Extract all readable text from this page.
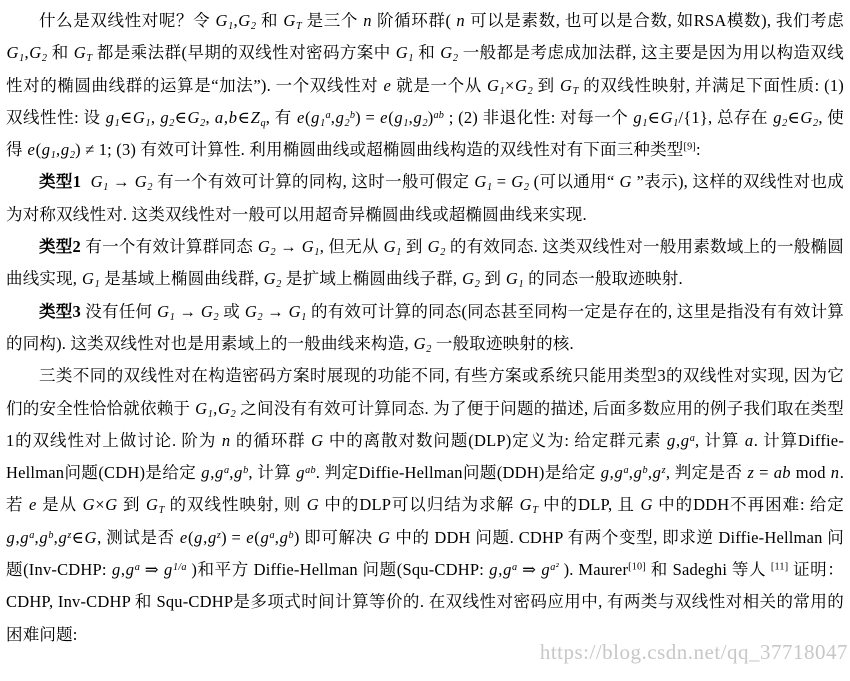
https://blog.csdn.net/qq_37718047

什么是双线性对呢？令 $G_1,G_2$ 和 $G_T$ 是三个 n 阶循环群( n 可以是素数, 也可以是合数, 如RSA模数), 我们考虑 $G_1,G_2$ 和 $G_T$ 都是乘法群(早期的双线性对密码方案中 $G_1$ 和 $G_2$ 一般都是考虑成加法群, 这主要是因为用以构造双线性对的椭圆曲线群的运算是“加法”). 一个双线性对 e 就是一个从 $G_1\times G_2$ 到 $G_T$ 的双线性映射, 并满足下面性质: (1) 双线性性: 设 $g_1\in G_1$, $g_2\in G_2$, $a,b\in Z_q$, 有 $e(g_1^a,g_2^b) = e(g_1,g_2)^{ab}$ ; (2) 非退化性: 对每一个 $g_1\in G_1/\{1\}$, 总存在 $g_2\in G_2$, 使得 $e(g_1,g_2) \ne 1$; (3) 有效可计算性. 利用椭圆曲线或超椭圆曲线构造的双线性对有下面三种类型[9]:

类型1 $G_1 \to G_2$ 有一个有效可计算的同构, 这时一般可假定 $G_1 = G_2$ (可以通用“ G ”表示), 这样的双线性对也成为对称双线性对. 这类双线性对一般可以用超奇异椭圆曲线或超椭圆曲线来实现.

类型2 有一个有效计算群同态 $G_2 \to G_1$, 但无从 $G_1$ 到 $G_2$ 的有效同态. 这类双线性对一般用素数域上的一般椭圆曲线实现, $G_1$ 是基域上椭圆曲线群, $G_2$ 是扩域上椭圆曲线子群, $G_2$ 到 $G_1$ 的同态一般取迹映射.

类型3 没有任何 $G_1 \to G_2$ 或 $G_2 \to G_1$ 的有效可计算的同态(同态甚至同构一定是存在的, 这里是指没有有效计算的同构). 这类双线性对也是用素域上的一般曲线来构造, $G_2$ 一般取迹映射的核.

三类不同的双线性对在构造密码方案时展现的功能不同, 有些方案或系统只能用类型3的双线性对实现, 因为它们的安全性恰恰就依赖于 $G_1,G_2$ 之间没有有效可计算同态. 为了便于问题的描述, 后面多数应用的例子我们取在类型1的双线性对上做讨论. 阶为 n 的循环群 G 中的离散对数问题(DLP)定义为: 给定群元素 $g,g^a$, 计算 a. 计算Diffie-Hellman问题(CDH)是给定 $g,g^a,g^b$, 计算 $g^{ab}$. 判定Diffie-Hellman问题(DDH)是给定 $g,g^a,g^b,g^z$, 判定是否 z = ab mod n. 若 e 是从 G×G 到 $G_T$ 的双线性映射, 则 G 中的DLP可以归结为求解 $G_T$ 中的DLP, 且 G 中的DDH不再困难: 给定 $g,g^a,g^b,g^z\in G$, 测试是否 $e(g,g^z) = e(g^a,g^b)$ 即可解决 G 中的 DDH 问题. CDHP 有两个变型, 即求逆 Diffie-Hellman 问题(Inv-CDHP: $g,g^a$ ⇒ $g^{1/a}$ )和平方 Diffie-Hellman 问题(Squ-CDHP: $g,g^a$ ⇒ $g^{a^2}$ ). Maurer[10] 和 Sadeghi 等人 [11] 证明： CDHP, Inv-CDHP 和 Squ-CDHP是多项式时间计算等价的. 在双线性对密码应用中, 有两类与双线性对相关的常用的困难问题:
